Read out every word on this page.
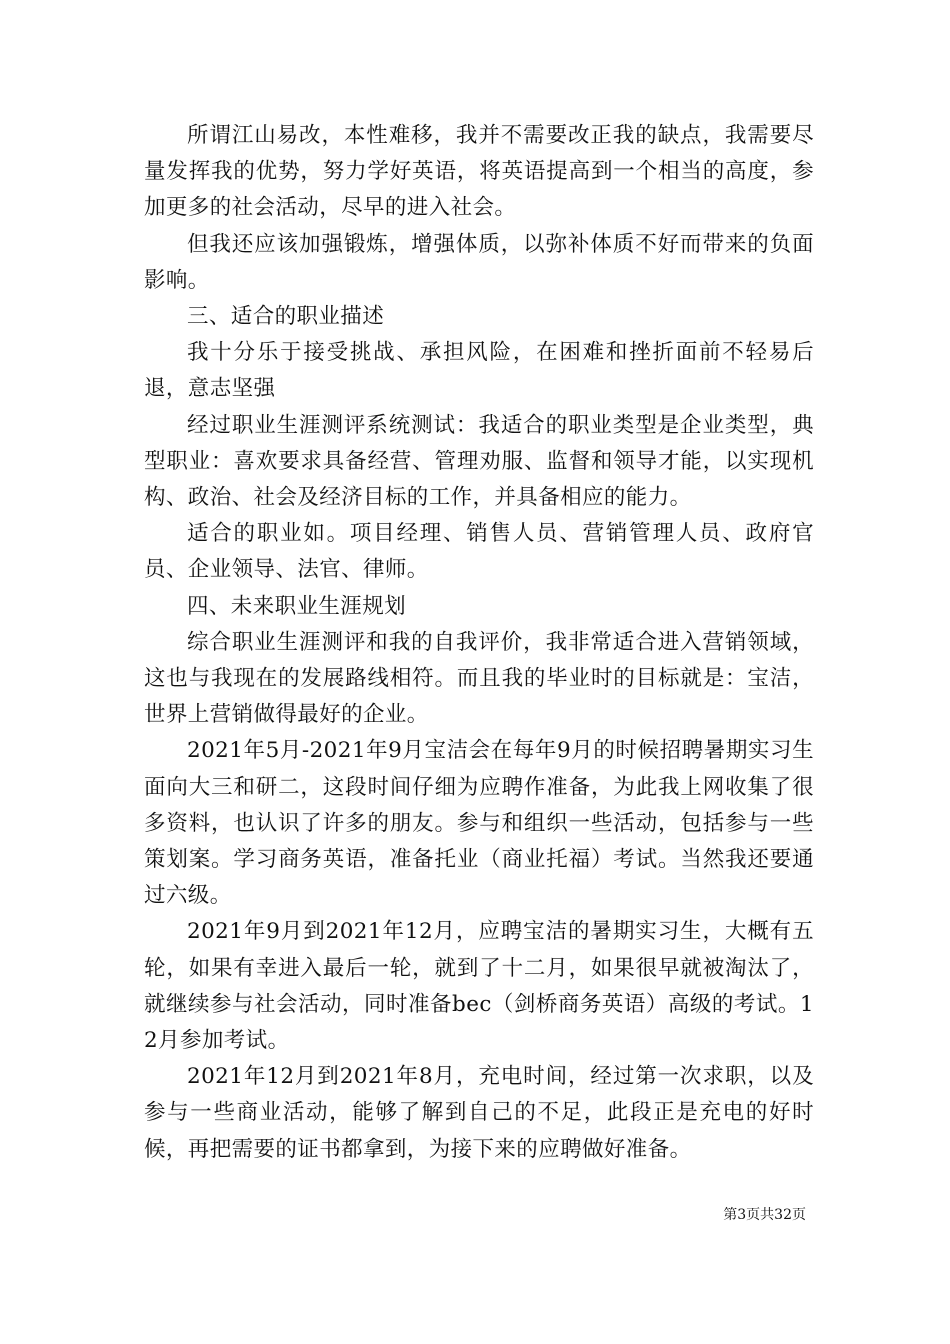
所谓江山易改，本性难移，我并不需要改正我的缺点，我需要尽量发挥我的优势，努力学好英语，将英语提高到一个相当的高度，参加更多的社会活动，尽早的进入社会。

但我还应该加强锻炼，增强体质，以弥补体质不好而带来的负面影响。

三、适合的职业描述

我十分乐于接受挑战、承担风险，在困难和挫折面前不轻易后退，意志坚强

经过职业生涯测评系统测试：我适合的职业类型是企业类型，典型职业：喜欢要求具备经营、管理劝服、监督和领导才能，以实现机构、政治、社会及经济目标的工作，并具备相应的能力。

适合的职业如。项目经理、销售人员、营销管理人员、政府官员、企业领导、法官、律师。

四、未来职业生涯规划

综合职业生涯测评和我的自我评价，我非常适合进入营销领域，这也与我现在的发展路线相符。而且我的毕业时的目标就是：宝洁，世界上营销做得最好的企业。

2021年5月-2021年9月宝洁会在每年9月的时候招聘暑期实习生面向大三和研二，这段时间仔细为应聘作准备，为此我上网收集了很多资料，也认识了许多的朋友。参与和组织一些活动，包括参与一些策划案。学习商务英语，准备托业（商业托福）考试。当然我还要通过六级。

2021年9月到2021年12月，应聘宝洁的暑期实习生，大概有五轮，如果有幸进入最后一轮，就到了十二月，如果很早就被淘汰了，就继续参与社会活动，同时准备bec（剑桥商务英语）高级的考试。12月参加考试。

2021年12月到2021年8月，充电时间，经过第一次求职，以及参与一些商业活动，能够了解到自己的不足，此段正是充电的好时候，再把需要的证书都拿到，为接下来的应聘做好准备。

第3页共32页
